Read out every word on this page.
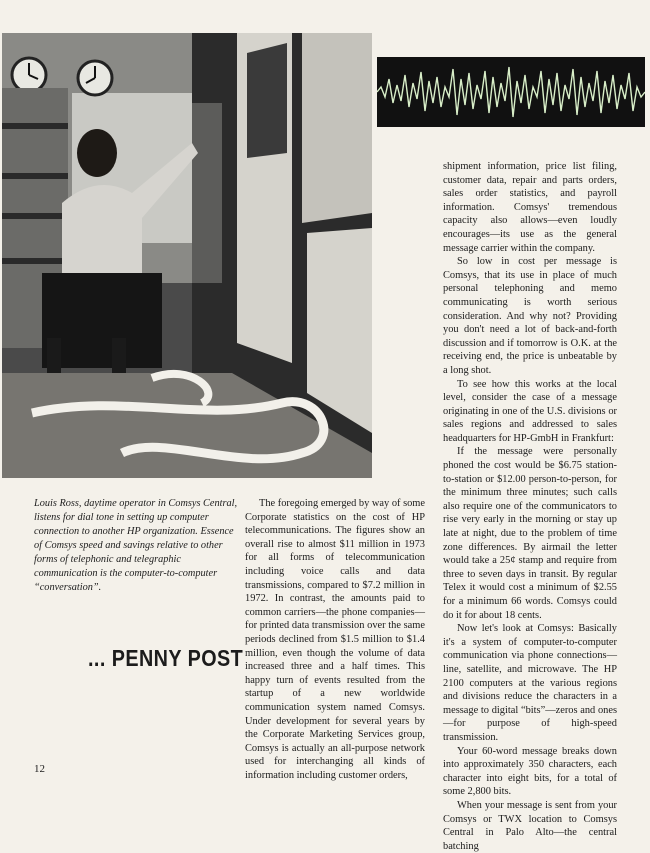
Louis Ross, daytime operator in Comsys Central, listens for dial tone in setting up computer connection to another HP organization. Essence of Comsys speed and savings relative to other forms of telephonic and telegraphic communication is the computer-to-computer “conversation”.
... PENNY POST

The foregoing emerged by way of some Corporate statistics on the cost of HP telecommunications. The figures show an overall rise to almost $11 million in 1973 for all forms of telecommunication including voice calls and data transmissions, compared to $7.2 million in 1972. In contrast, the amounts paid to common carriers—the phone companies—for printed data transmission over the same periods declined from $1.5 million to $1.4 million, even though the volume of data increased three and a half times. This happy turn of events resulted from the startup of a new worldwide communication system named Comsys. Under development for several years by the Corporate Marketing Services group, Comsys is actually an all-purpose network used for interchanging all kinds of information including customer orders,

shipment information, price list filing, customer data, repair and parts orders, sales order statistics, and payroll information. Comsys' tremendous capacity also allows—even loudly encourages—its use as the general message carrier within the company.

So low in cost per message is Comsys, that its use in place of much personal telephoning and memo communicating is worth serious consideration. And why not? Providing you don't need a lot of back-and-forth discussion and if tomorrow is O.K. at the receiving end, the price is unbeatable by a long shot.

To see how this works at the local level, consider the case of a message originating in one of the U.S. divisions or sales regions and addressed to sales headquarters for HP-GmbH in Frankfurt:

If the message were personally phoned the cost would be $6.75 station-to-station or $12.00 person-to-person, for the minimum three minutes; such calls also require one of the communicators to rise very early in the morning or stay up late at night, due to the problem of time zone differences. By airmail the letter would take a 25¢ stamp and require from three to seven days in transit. By regular Telex it would cost a minimum of $2.55 for a minimum 66 words. Comsys could do it for about 18 cents.

Now let's look at Comsys: Basically it's a system of computer-to-computer communication via phone connections—line, satellite, and microwave. The HP 2100 computers at the various regions and divisions reduce the characters in a message to digital “bits”—zeros and ones—for purpose of high-speed transmission.

Your 60-word message breaks down into approximately 350 characters, each character into eight bits, for a total of some 2,800 bits.

When your message is sent from your Comsys or TWX location to Comsys Central in Palo Alto—the central batching

12
